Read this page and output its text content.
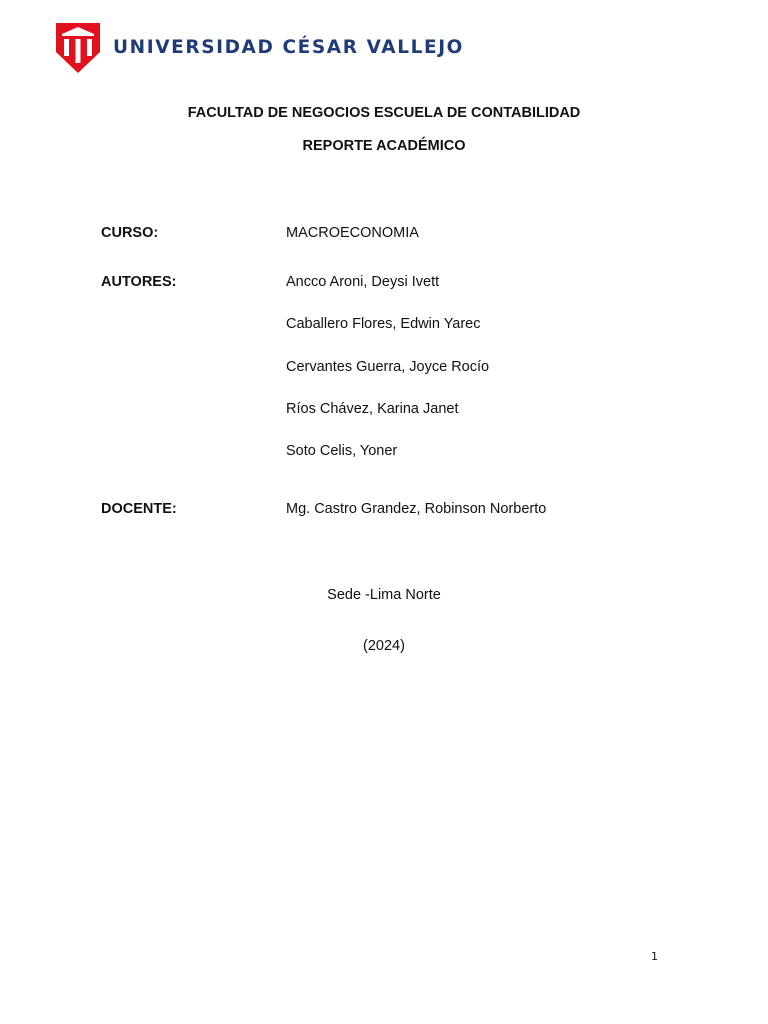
UNIVERSIDAD CÉSAR VALLEJO
FACULTAD DE NEGOCIOS ESCUELA DE CONTABILIDAD
REPORTE ACADÉMICO
CURSO:	MACROECONOMIA
AUTORES:	Ancco Aroni, Deysi Ivett
Caballero Flores, Edwin Yarec
Cervantes Guerra, Joyce Rocío
Ríos Chávez, Karina Janet
Soto Celis, Yoner
DOCENTE:	Mg. Castro Grandez, Robinson Norberto
Sede -Lima Norte
(2024)
1
